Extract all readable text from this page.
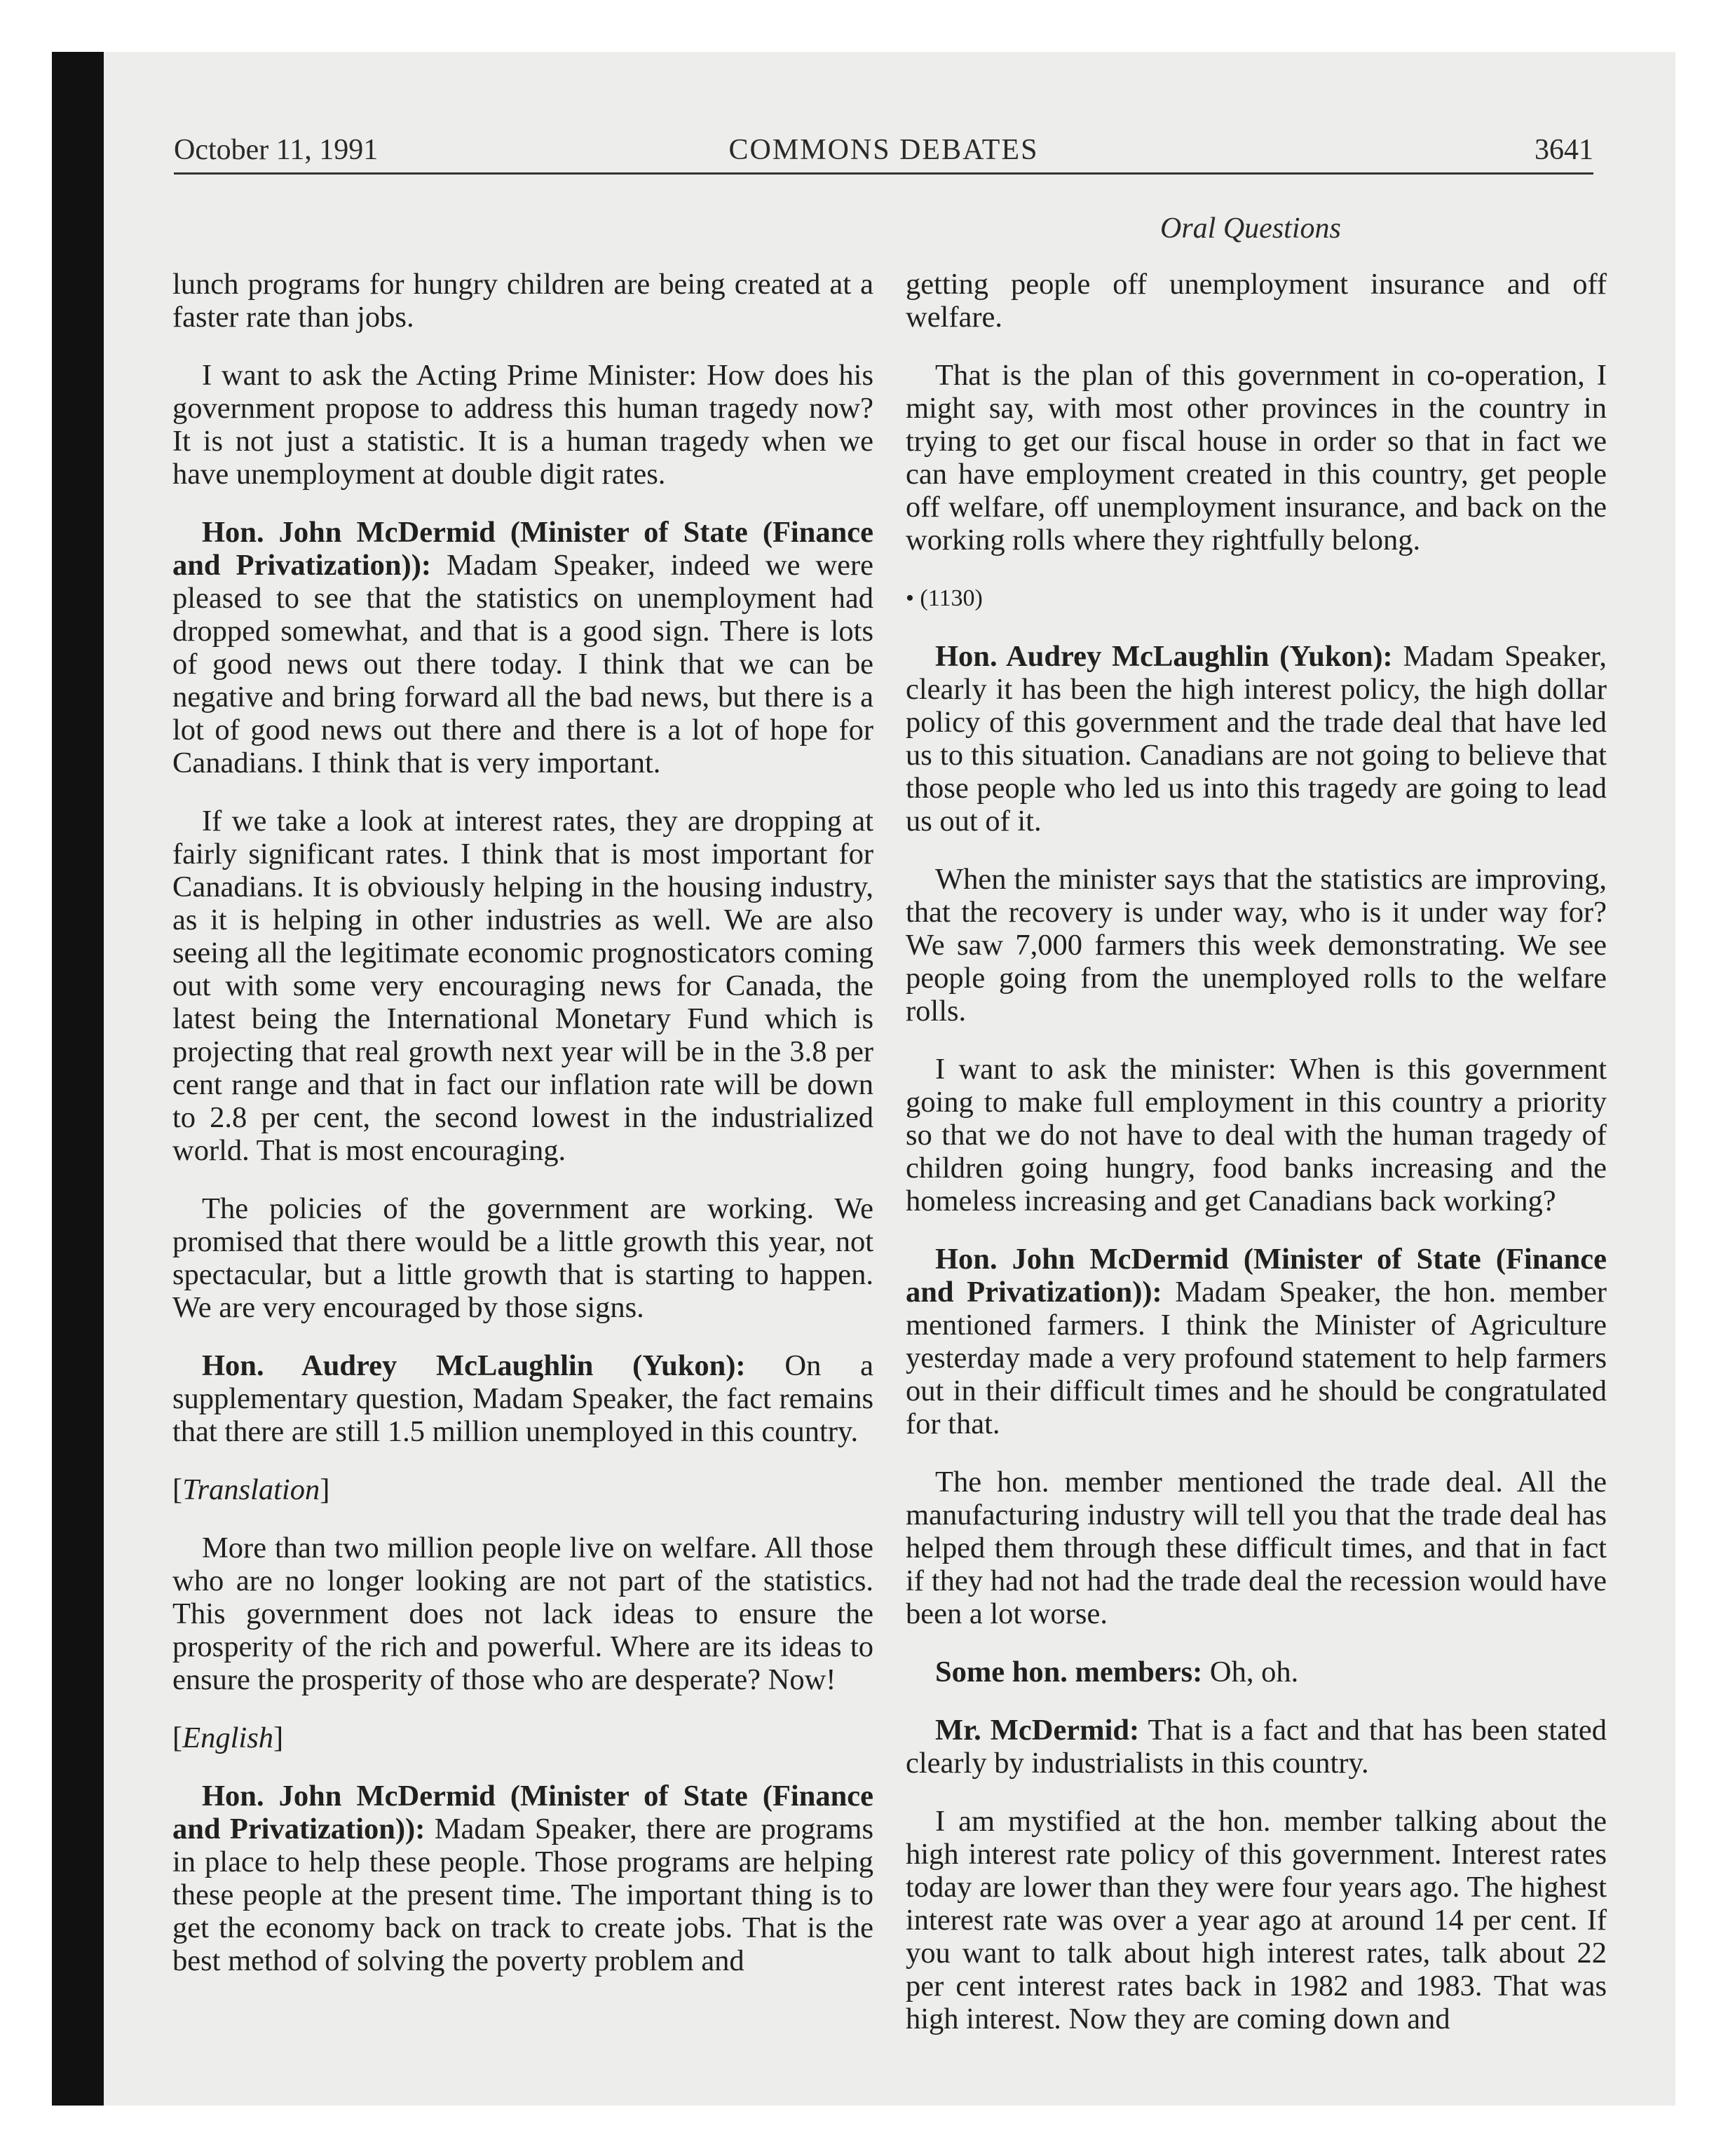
October 11, 1991	COMMONS DEBATES	3641
Oral Questions

lunch programs for hungry children are being created at a faster rate than jobs.

I want to ask the Acting Prime Minister: How does his government propose to address this human tragedy now? It is not just a statistic. It is a human tragedy when we have unemployment at double digit rates.

Hon. John McDermid (Minister of State (Finance and Privatization)): Madam Speaker, indeed we were pleased to see that the statistics on unemployment had dropped somewhat, and that is a good sign. There is lots of good news out there today. I think that we can be negative and bring forward all the bad news, but there is a lot of good news out there and there is a lot of hope for Canadians. I think that is very important.

If we take a look at interest rates, they are dropping at fairly significant rates. I think that is most important for Canadians. It is obviously helping in the housing industry, as it is helping in other industries as well. We are also seeing all the legitimate economic prognosticators coming out with some very encouraging news for Canada, the latest being the International Monetary Fund which is projecting that real growth next year will be in the 3.8 per cent range and that in fact our inflation rate will be down to 2.8 per cent, the second lowest in the industrialized world. That is most encouraging.

The policies of the government are working. We promised that there would be a little growth this year, not spectacular, but a little growth that is starting to happen. We are very encouraged by those signs.

Hon. Audrey McLaughlin (Yukon): On a supplementary question, Madam Speaker, the fact remains that there are still 1.5 million unemployed in this country.

[Translation]

More than two million people live on welfare. All those who are no longer looking are not part of the statistics. This government does not lack ideas to ensure the prosperity of the rich and powerful. Where are its ideas to ensure the prosperity of those who are desperate? Now!

[English]

Hon. John McDermid (Minister of State (Finance and Privatization)): Madam Speaker, there are programs in place to help these people. Those programs are helping these people at the present time. The important thing is to get the economy back on track to create jobs. That is the best method of solving the poverty problem and

getting people off unemployment insurance and off welfare.

That is the plan of this government in co-operation, I might say, with most other provinces in the country in trying to get our fiscal house in order so that in fact we can have employment created in this country, get people off welfare, off unemployment insurance, and back on the working rolls where they rightfully belong.

• (1130)

Hon. Audrey McLaughlin (Yukon): Madam Speaker, clearly it has been the high interest policy, the high dollar policy of this government and the trade deal that have led us to this situation. Canadians are not going to believe that those people who led us into this tragedy are going to lead us out of it.

When the minister says that the statistics are improving, that the recovery is under way, who is it under way for? We saw 7,000 farmers this week demonstrating. We see people going from the unemployed rolls to the welfare rolls.

I want to ask the minister: When is this government going to make full employment in this country a priority so that we do not have to deal with the human tragedy of children going hungry, food banks increasing and the homeless increasing and get Canadians back working?

Hon. John McDermid (Minister of State (Finance and Privatization)): Madam Speaker, the hon. member mentioned farmers. I think the Minister of Agriculture yesterday made a very profound statement to help farmers out in their difficult times and he should be congratulated for that.

The hon. member mentioned the trade deal. All the manufacturing industry will tell you that the trade deal has helped them through these difficult times, and that in fact if they had not had the trade deal the recession would have been a lot worse.

Some hon. members: Oh, oh.

Mr. McDermid: That is a fact and that has been stated clearly by industrialists in this country.

I am mystified at the hon. member talking about the high interest rate policy of this government. Interest rates today are lower than they were four years ago. The highest interest rate was over a year ago at around 14 per cent. If you want to talk about high interest rates, talk about 22 per cent interest rates back in 1982 and 1983. That was high interest. Now they are coming down and
